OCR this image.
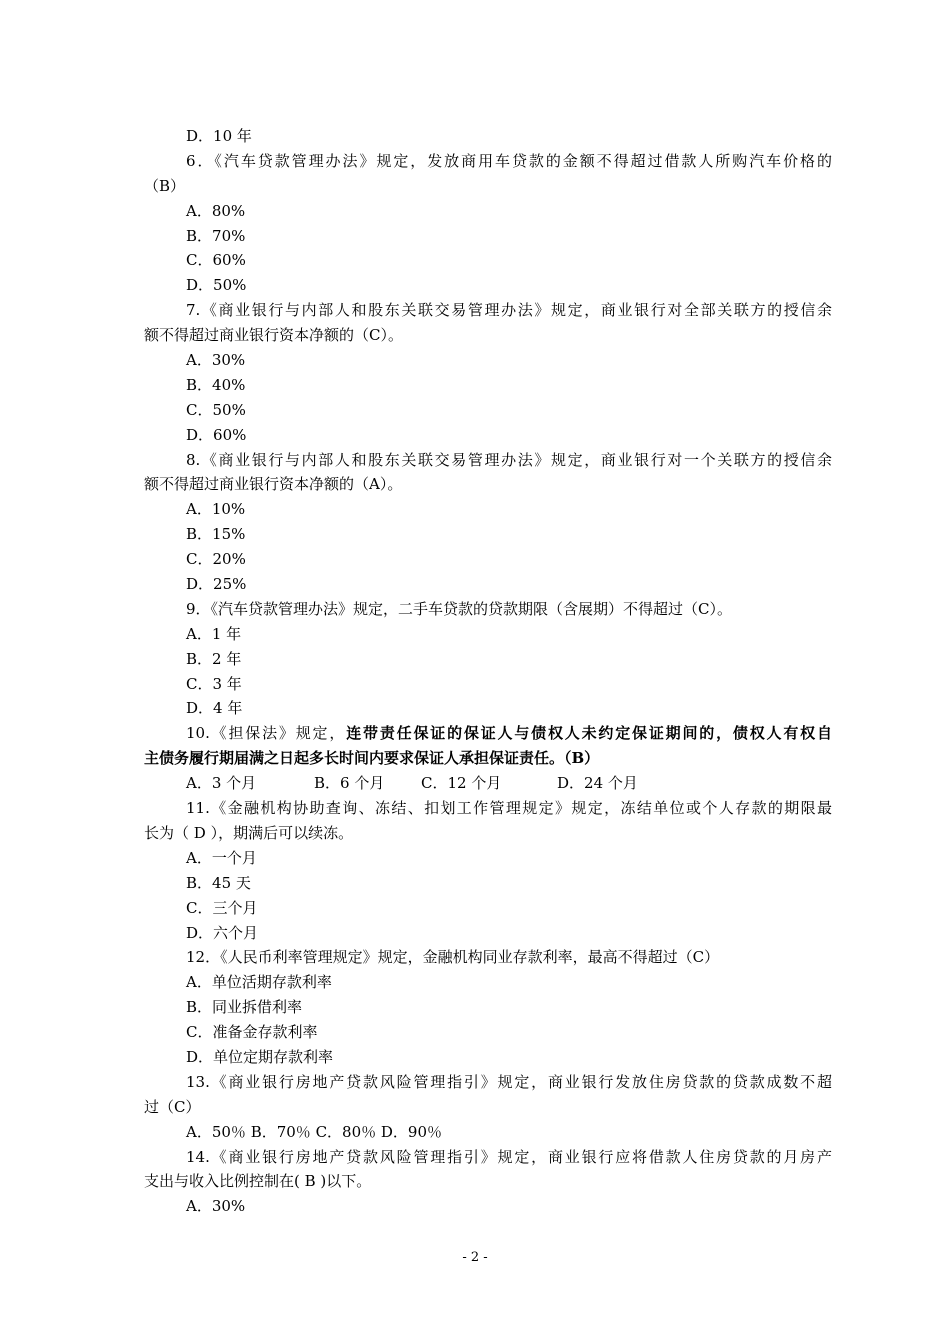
D．10 年
6．《汽车贷款管理办法》规定，发放商用车贷款的金额不得超过借款人所购汽车价格的
（B）
A．80%
B．70%
C．60%
D．50%
7.《商业银行与内部人和股东关联交易管理办法》规定，商业银行对全部关联方的授信余
额不得超过商业银行资本净额的（C）。
A．30%
B．40%
C．50%
D．60%
8.《商业银行与内部人和股东关联交易管理办法》规定，商业银行对一个关联方的授信余
额不得超过商业银行资本净额的（A）。
A．10%
B．15%
C．20%
D．25%
9．《汽车贷款管理办法》规定，二手车贷款的贷款期限（含展期）不得超过（C）。
A．1 年
B．2 年
C．3 年
D．4 年
10.《担保法》规定，连带责任保证的保证人与债权人未约定保证期间的，债权人有权自
主债务履行期届满之日起多长时间内要求保证人承担保证责任。（B）
A．3 个月	B．6 个月 C．12 个月	D．24 个月
11.《金融机构协助查询、冻结、扣划工作管理规定》规定，冻结单位或个人存款的期限最
长为（ D ），期满后可以续冻。
A．一个月
B．45 天
C．三个月
D．六个月
12．《人民币利率管理规定》规定，金融机构同业存款利率，最高不得超过（C）
A．单位活期存款利率
B．同业拆借利率
C．准备金存款利率
D．单位定期存款利率
13.《商业银行房地产贷款风险管理指引》规定，商业银行发放住房贷款的贷款成数不超
过（C）
A．50％ B．70％ C．80％ D．90％
14.《商业银行房地产贷款风险管理指引》规定，商业银行应将借款人住房贷款的月房产
支出与收入比例控制在( B )以下。
A．30%
- 2 -
